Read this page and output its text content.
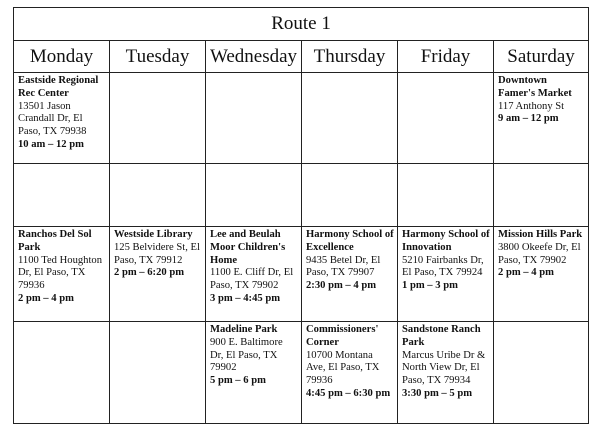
Route 1					
Monday	Tuesday	Wednesday	Thursday	Friday	Saturday

Eastside Regional Rec Center
13501 Jason Crandall Dr, El Paso, TX 79938
10 am – 12 pm					Downtown Famer's Market
117 Anthony St
9 am – 12 pm

Ranchos Del Sol Park
1100 Ted Houghton Dr, El Paso, TX 79936
2 pm – 4 pm	Westside Library
125 Belvidere St, El Paso, TX 79912
2 pm – 6:20 pm	Lee and Beulah Moor Children's Home
1100 E. Cliff Dr, El Paso, TX 79902
3 pm – 4:45 pm	Harmony School of Excellence
9435 Betel Dr, El Paso, TX 79907
2:30 pm – 4 pm	Harmony School of Innovation
5210 Fairbanks Dr, El Paso, TX 79924
1 pm – 3 pm	Mission Hills Park
3800 Okeefe Dr, El Paso, TX 79902
2 pm – 4 pm

		Madeline Park
900 E. Baltimore Dr, El Paso, TX 79902
5 pm – 6 pm	Commissioners' Corner
10700 Montana Ave, El Paso, TX 79936
4:45 pm – 6:30 pm	Sandstone Ranch Park
Marcus Uribe Dr & North View Dr, El Paso, TX 79934
3:30 pm – 5 pm	
